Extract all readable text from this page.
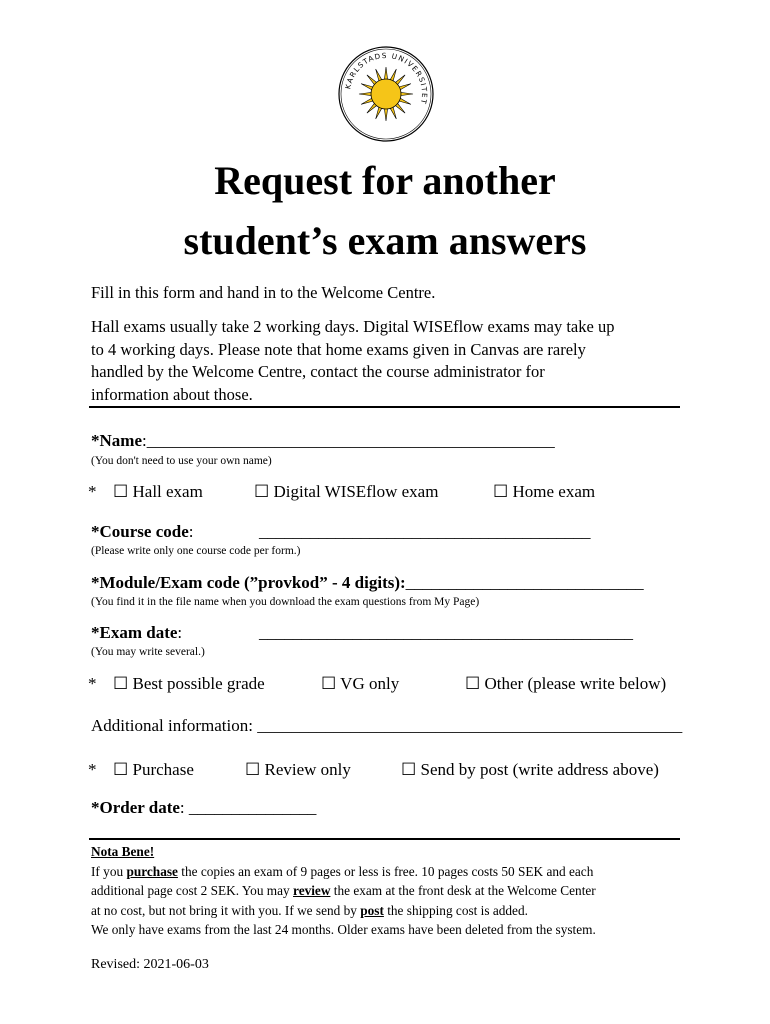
KARLSTADS UNIVERSITET
Request for another
student’s exam answers
Fill in this form and hand in to the Welcome Centre.
Hall exams usually take 2 working days. Digital WISEflow exams may take up
to 4 working days. Please note that home exams given in Canvas are rarely
handled by the Welcome Centre, contact the course administrator for
information about those.
*Name:________________________________________________
(You don't need to use your own name)
* ☐ Hall exam	☐ Digital WISEflow exam	☐ Home exam
*Course code:	_______________________________________
(Please write only one course code per form.)
*Module/Exam code (”provkod” - 4 digits):____________________________
(You find it in the file name when you download the exam questions from My Page)
*Exam date:	____________________________________________
(You may write several.)
* ☐ Best possible grade	☐ VG only	☐ Other (please write below)
Additional information: __________________________________________________
* ☐ Purchase	☐ Review only	☐ Send by post (write address above)
*Order date: _______________
Nota Bene!
If you purchase the copies an exam of 9 pages or less is free. 10 pages costs 50 SEK and each
additional page cost 2 SEK. You may review the exam at the front desk at the Welcome Center
at no cost, but not bring it with you. If we send by post the shipping cost is added.
We only have exams from the last 24 months. Older exams have been deleted from the system.
Revised: 2021-06-03
